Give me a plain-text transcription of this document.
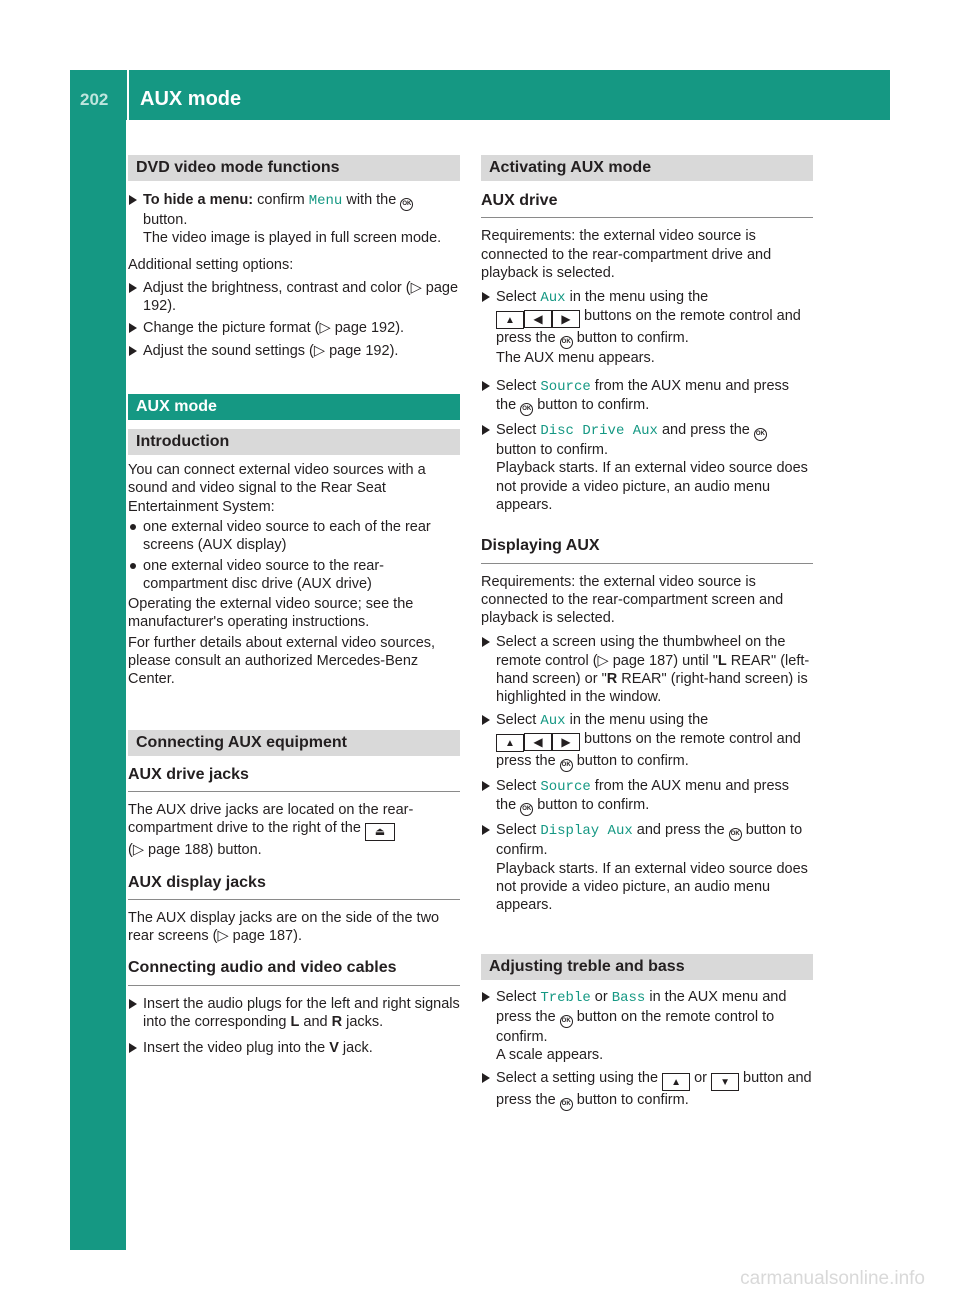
202	AUX mode
DVD video mode functions
To hide a menu: confirm Menu with the OK
button.
The video image is played in full screen mode.

Additional setting options:

Adjust the brightness, contrast and color (▷ page 192).
Change the picture format (▷ page 192).
Adjust the sound settings (▷ page 192).
AUX mode
Introduction

You can connect external video sources with a sound and video signal to the Rear Seat Entertainment System:

one external video source to each of the rear screens (AUX display)
one external video source to the rear-compartment disc drive (AUX drive)

Operating the external video source; see the manufacturer's operating instructions.

For further details about external video sources, please consult an authorized Mercedes-Benz Center.

Connecting AUX equipment
AUX drive jacks

The AUX drive jacks are located on the rear-compartment drive to the right of the ⏏
(▷ page 188) button.

AUX display jacks

The AUX display jacks are on the side of the two rear screens (▷ page 187).

Connecting audio and video cables
Insert the audio plugs for the left and right signals into the corresponding L and R jacks.
Insert the video plug into the V jack.
Activating AUX mode
AUX drive

Requirements: the external video source is connected to the rear-compartment drive and playback is selected.

Select Aux in the menu using the
▲ ◀ ▶ buttons on the remote control and press the OK button to confirm.
The AUX menu appears.
Select Source from the AUX menu and press the OK button to confirm.
Select Disc Drive Aux and press the OK
button to confirm.
Playback starts. If an external video source does not provide a video picture, an audio menu appears.
Displaying AUX

Requirements: the external video source is connected to the rear-compartment screen and playback is selected.

Select a screen using the thumbwheel on the remote control (▷ page 187) until "L REAR" (left-hand screen) or "R REAR" (right-hand screen) is highlighted in the window.
Select Aux in the menu using the
▲ ◀ ▶ buttons on the remote control and press the OK button to confirm.
Select Source from the AUX menu and press the OK button to confirm.
Select Display Aux and press the OK button to confirm.
Playback starts. If an external video source does not provide a video picture, an audio menu appears.
Adjusting treble and bass
Select Treble or Bass in the AUX menu and press the OK button on the remote control to confirm.
A scale appears.
Select a setting using the ▲ or ▼ button and press the OK button to confirm.
carmanualsonline.info
